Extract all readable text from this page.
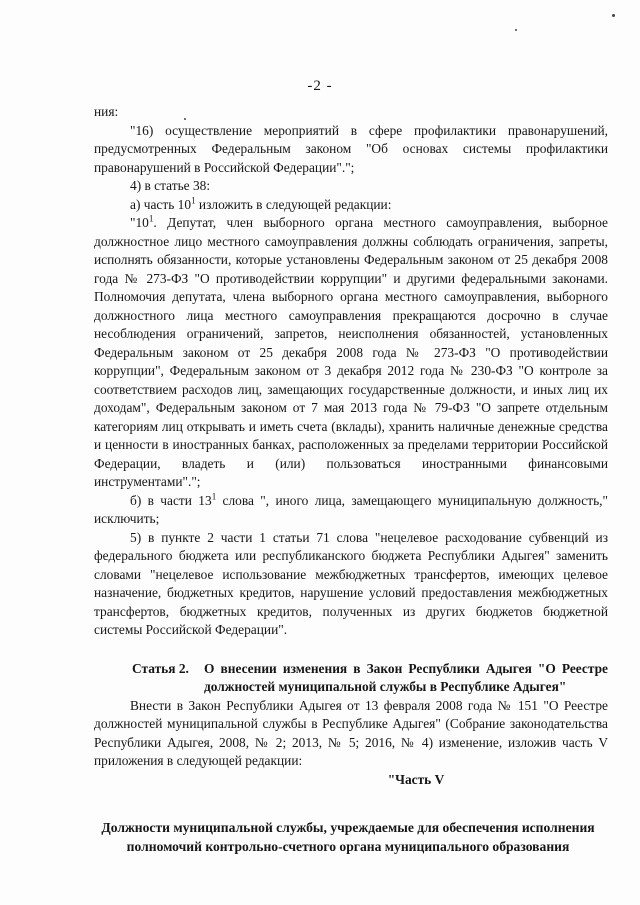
-2 -

ния:

"16) осуществление мероприятий в сфере профилактики правонарушений, предусмотренных Федеральным законом "Об основах системы профилактики правонарушений в Российской Федерации".";

4) в статье 38:

а) часть $10^1$ изложить в следующей редакции:

"$10^1$. Депутат, член выборного органа местного самоуправления, выборное должностное лицо местного самоуправления должны соблюдать ограничения, запреты, исполнять обязанности, которые установлены Федеральным законом от 25 декабря 2008 года № 273-ФЗ "О противодействии коррупции" и другими федеральными законами. Полномочия депутата, члена выборного органа местного самоуправления, выборного должностного лица местного самоуправления прекращаются досрочно в случае несоблюдения ограничений, запретов, неисполнения обязанностей, установленных Федеральным законом от 25 декабря 2008 года № 273-ФЗ "О противодействии коррупции", Федеральным законом от 3 декабря 2012 года № 230-ФЗ "О контроле за соответствием расходов лиц, замещающих государственные должности, и иных лиц их доходам", Федеральным законом от 7 мая 2013 года № 79-ФЗ "О запрете отдельным категориям лиц открывать и иметь счета (вклады), хранить наличные денежные средства и ценности в иностранных банках, расположенных за пределами территории Российской Федерации, владеть и (или) пользоваться иностранными финансовыми инструментами".";

б) в части $13^1$ слова ", иного лица, замещающего муниципальную должность," исключить;

5) в пункте 2 части 1 статьи 71 слова "нецелевое расходование субвенций из федерального бюджета или республиканского бюджета Республики Адыгея" заменить словами "нецелевое использование межбюджетных трансфертов, имеющих целевое назначение, бюджетных кредитов, нарушение условий предоставления межбюджетных трансфертов, бюджетных кредитов, полученных из других бюджетов бюджетной системы Российской Федерации".

Статья 2.	О внесении изменения в Закон Республики Адыгея "О Реестре должностей муниципальной службы в Республике Адыгея"

Внести в Закон Республики Адыгея от 13 февраля 2008 года № 151 "О Реестре должностей муниципальной службы в Республике Адыгея" (Собрание законодательства Республики Адыгея, 2008, № 2; 2013, № 5; 2016, № 4) изменение, изложив часть V приложения в следующей редакции:

"Часть V
Должности муниципальной службы, учреждаемые для обеспечения исполнения полномочий контрольно-счетного органа муниципального образования
